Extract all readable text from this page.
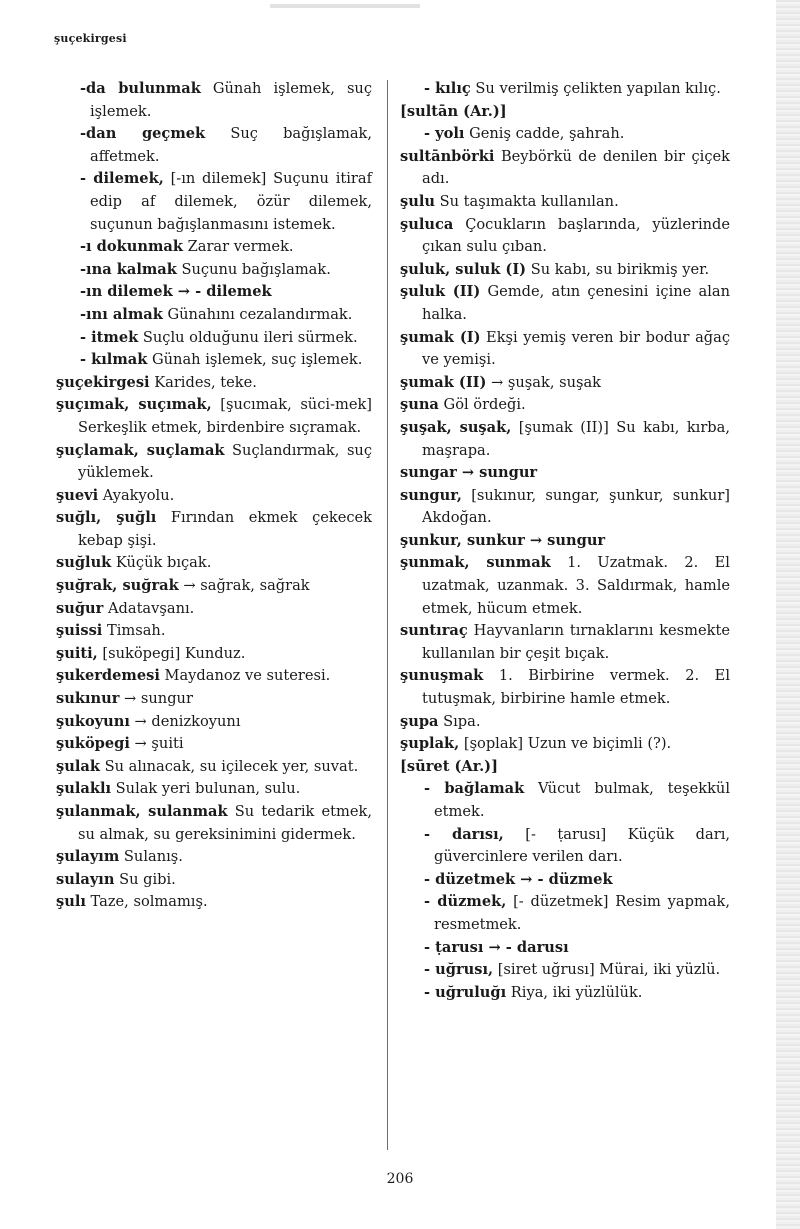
şuçekirgesi
-da bulunmak Günah işlemek, suç işlemek.
-dan geçmek Suç bağışlamak, affetmek.
- dilemek, [-ın dilemek] Suçunu itiraf edip af dilemek, özür dilemek, suçunun bağışlanmasını istemek.
-ı dokunmak Zarar vermek.
-ına kalmak Suçunu bağışlamak.
-ın dilemek → - dilemek
-ını almak Günahını cezalandırmak.
- itmek Suçlu olduğunu ileri sürmek.
- kılmak Günah işlemek, suç işlemek.
şuçekirgesi Karides, teke.
şuçımak, suçımak, [şucımak, süci-mek] Serkeşlik etmek, birdenbire sıçramak.
şuçlamak, suçlamak Suçlandırmak, suç yüklemek.
şuevi Ayakyolu.
suğlı, şuğlı Fırından ekmek çekecek kebap şişi.
suğluk Küçük bıçak.
şuğrak, suğrak → sağrak, sağrak
suğur Adatavşanı.
şuissi Timsah.
şuiti, [suköpegi] Kunduz.
şukerdemesi Maydanoz ve suteresi.
sukınur → sungur
şukoyunı → denizkoyunı
şuköpegi → şuiti
şulak Su alınacak, su içilecek yer, suvat.
şulaklı Sulak yeri bulunan, sulu.
şulanmak, sulanmak Su tedarik etmek, su almak, su gereksinimini gidermek.
şulayım Sulanış.
sulayın Su gibi.
şulı Taze, solmamış.
- kılıç Su verilmiş çelikten yapılan kılıç.
[sultān (Ar.)]
- yolı Geniş cadde, şahrah.
sultānbörki Beybörkü de denilen bir çiçek adı.
şulu Su taşımakta kullanılan.
şuluca Çocukların başlarında, yüzlerinde çıkan sulu çıban.
şuluk, suluk (I) Su kabı, su birikmiş yer.
şuluk (II) Gemde, atın çenesini içine alan halka.
şumak (I) Ekşi yemiş veren bir bodur ağaç ve yemişi.
şumak (II) → şuşak, suşak
şuna Göl ördeği.
şuşak, suşak, [şumak (II)] Su kabı, kırba, maşrapa.
sungar → sungur
sungur, [sukınur, sungar, şunkur, sunkur] Akdoğan.
şunkur, sunkur → sungur
şunmak, sunmak 1. Uzatmak. 2. El uzatmak, uzanmak. 3. Saldırmak, hamle etmek, hücum etmek.
suntıraç Hayvanların tırnaklarını kesmekte kullanılan bir çeşit bıçak.
şunuşmak 1. Birbirine vermek. 2. El tutuşmak, birbirine hamle etmek.
şupa Sıpa.
şuplak, [şoplak] Uzun ve biçimli (?).
[sūret (Ar.)]
- bağlamak Vücut bulmak, teşekkül etmek.
- darısı, [- ṭarusı] Küçük darı, güvercinlere verilen darı.
- düzetmek → - düzmek
- düzmek, [- düzetmek] Resim yapmak, resmetmek.
- ṭarusı → - darusı
- uğrusı, [siret uğrusı] Mürai, iki yüzlü.
- uğruluğı Riya, iki yüzlülük.
206
